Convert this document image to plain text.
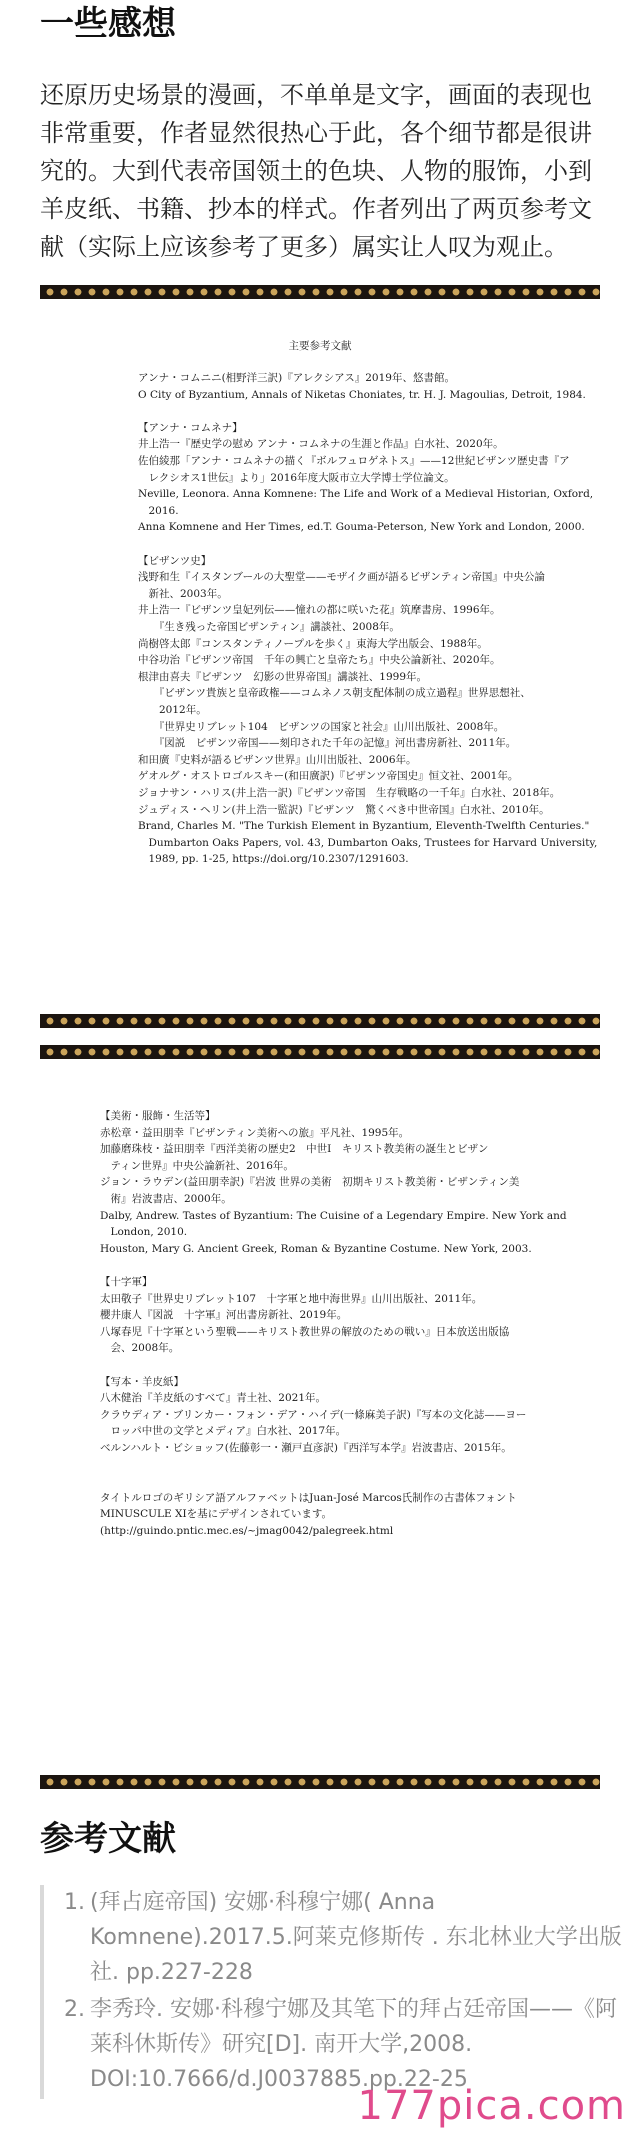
一些感想

还原历史场景的漫画，不单单是文字，画面的表现也非常重要，作者显然很热心于此，各个细节都是很讲究的。大到代表帝国领土的色块、人物的服饰，小到羊皮纸、书籍、抄本的样式。作者列出了两页参考文献（实际上应该参考了更多）属实让人叹为观止。

主要参考文献
アンナ・コムニニ(相野洋三訳)『アレクシアス』2019年、悠書館。
O City of Byzantium, Annals of Niketas Choniates, tr. H. J. Magoulias, Detroit, 1984.
【アンナ・コムネナ】
井上浩一『歴史学の慰め アンナ・コムネナの生涯と作品』白水社、2020年。
佐伯綾那「アンナ・コムネナの描く『ボルフュロゲネトス』——12世紀ビザンツ歴史書『ア
　レクシオス1世伝』より」2016年度大阪市立大学博士学位論文。
Neville, Leonora. Anna Komnene: The Life and Work of a Medieval Historian, Oxford,
　2016.
Anna Komnene and Her Times, ed.T. Gouma-Peterson, New York and London, 2000.
【ビザンツ史】
浅野和生『イスタンブールの大聖堂——モザイク画が語るビザンティン帝国』中央公論
　新社、2003年。
井上浩一『ビザンツ皇妃列伝——憧れの都に咲いた花』筑摩書房、1996年。
　　『生き残った帝国ビザンティン』講談社、2008年。
尚樹啓太郎『コンスタンティノープルを歩く』東海大学出版会、1988年。
中谷功治『ビザンツ帝国　千年の興亡と皇帝たち』中央公論新社、2020年。
根津由喜夫『ビザンツ　幻影の世界帝国』講談社、1999年。
　　『ビザンツ貴族と皇帝政権——コムネノス朝支配体制の成立過程』世界思想社、
　　2012年。
　　『世界史リブレット104　ビザンツの国家と社会』山川出版社、2008年。
　　『図説　ビザンツ帝国——刻印された千年の記憶』河出書房新社、2011年。
和田廣『史料が語るビザンツ世界』山川出版社、2006年。
ゲオルグ・オストロゴルスキー(和田廣訳)『ビザンツ帝国史』恒文社、2001年。
ジョナサン・ハリス(井上浩一訳)『ビザンツ帝国　生存戦略の一千年』白水社、2018年。
ジュディス・ヘリン(井上浩一監訳)『ビザンツ　驚くべき中世帝国』白水社、2010年。
Brand, Charles M. "The Turkish Element in Byzantium, Eleventh-Twelfth Centuries."
　Dumbarton Oaks Papers, vol. 43, Dumbarton Oaks, Trustees for Harvard University,
　1989, pp. 1-25, https://doi.org/10.2307/1291603.
【美術・服飾・生活等】
赤松章・益田朋幸『ビザンティン美術への旅』平凡社、1995年。
加藤磨珠枝・益田朋幸『西洋美術の歴史2　中世Ⅰ　キリスト教美術の誕生とビザン
　ティン世界』中央公論新社、2016年。
ジョン・ラウデン(益田朋幸訳)『岩波 世界の美術　初期キリスト教美術・ビザンティン美
　術』岩波書店、2000年。
Dalby, Andrew. Tastes of Byzantium: The Cuisine of a Legendary Empire. New York and
　London, 2010.
Houston, Mary G. Ancient Greek, Roman & Byzantine Costume. New York, 2003.
【十字軍】
太田敬子『世界史リブレット107　十字軍と地中海世界』山川出版社、2011年。
櫻井康人『図説　十字軍』河出書房新社、2019年。
八塚春児『十字軍という聖戦——キリスト教世界の解放のための戦い』日本放送出版協
　会、2008年。
【写本・羊皮紙】
八木健治『羊皮紙のすべて』青土社、2021年。
クラウディア・ブリンカー・フォン・デア・ハイデ(一條麻美子訳)『写本の文化誌——ヨー
　ロッパ中世の文学とメディア』白水社、2017年。
ベルンハルト・ビショッフ(佐藤彰一・瀬戸直彦訳)『西洋写本学』岩波書店、2015年。
タイトルロゴのギリシア語アルファベットはJuan-José Marcos氏制作の古書体フォント
MINUSCULE XIを基にデザインされています。
(http://guindo.pntic.mec.es/~jmag0042/palegreek.html
参考文献
1. (拜占庭帝国) 安娜·科穆宁娜( Anna Komnene).2017.5.阿莱克修斯传 . 东北林业大学出版社. pp.227-228
2. 李秀玲. 安娜·科穆宁娜及其笔下的拜占廷帝国——《阿莱科休斯传》研究[D]. 南开大学,2008. DOI:10.7666/d.J0037885.pp.22-25
177pica.com
